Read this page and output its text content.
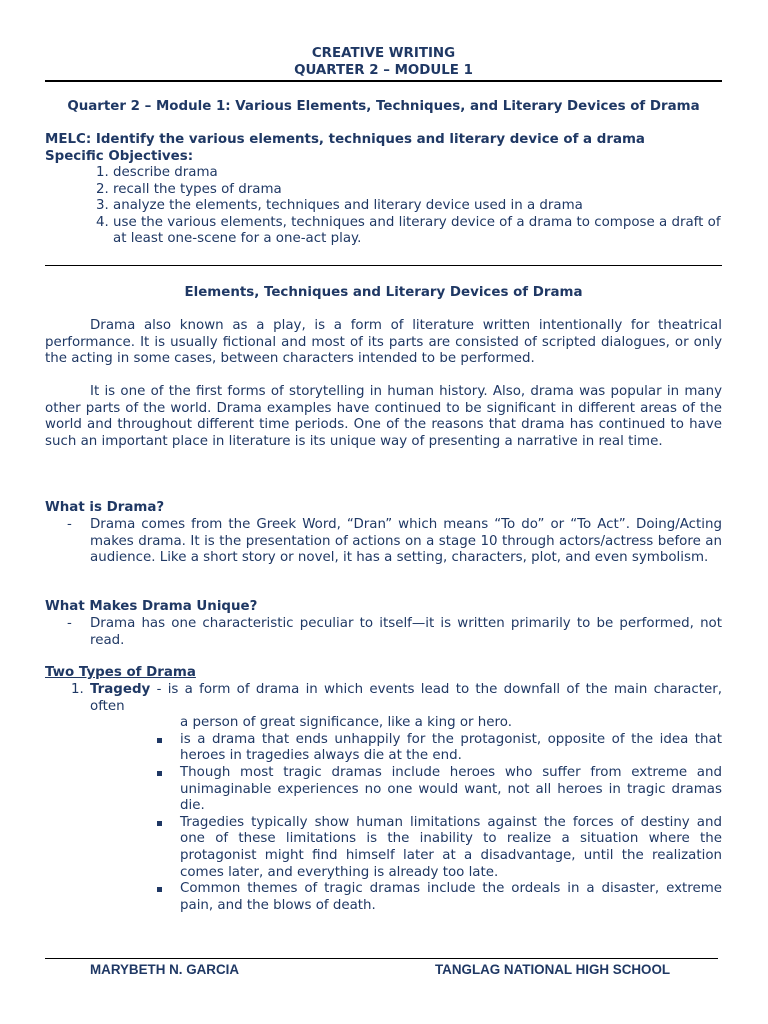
CREATIVE WRITING
QUARTER 2 – MODULE 1
Quarter 2 – Module 1: Various Elements, Techniques, and Literary Devices of Drama
MELC: Identify the various elements, techniques and literary device of a drama
Specific Objectives:
1. describe drama
2. recall the types of drama
3. analyze the elements, techniques and literary device used in a drama
4. use the various elements, techniques and literary device of a drama to compose a draft of at least one-scene for a one-act play.
Elements, Techniques and Literary Devices of Drama
Drama also known as a play, is a form of literature written intentionally for theatrical performance. It is usually fictional and most of its parts are consisted of scripted dialogues, or only the acting in some cases, between characters intended to be performed.
It is one of the first forms of storytelling in human history. Also, drama was popular in many other parts of the world. Drama examples have continued to be significant in different areas of the world and throughout different time periods. One of the reasons that drama has continued to have such an important place in literature is its unique way of presenting a narrative in real time.
What is Drama?
- Drama comes from the Greek Word, “Dran” which means “To do” or “To Act”. Doing/Acting makes drama. It is the presentation of actions on a stage 10 through actors/actress before an audience. Like a short story or novel, it has a setting, characters, plot, and even symbolism.
What Makes Drama Unique?
- Drama has one characteristic peculiar to itself—it is written primarily to be performed, not read.
Two Types of Drama
1. Tragedy - is a form of drama in which events lead to the downfall of the main character, often
a person of great significance, like a king or hero.
is a drama that ends unhappily for the protagonist, opposite of the idea that heroes in tragedies always die at the end.
Though most tragic dramas include heroes who suffer from extreme and unimaginable experiences no one would want, not all heroes in tragic dramas die.
Tragedies typically show human limitations against the forces of destiny and one of these limitations is the inability to realize a situation where the protagonist might find himself later at a disadvantage, until the realization comes later, and everything is already too late.
Common themes of tragic dramas include the ordeals in a disaster, extreme pain, and the blows of death.
MARYBETH N. GARCIA	TANGLAG NATIONAL HIGH SCHOOL
